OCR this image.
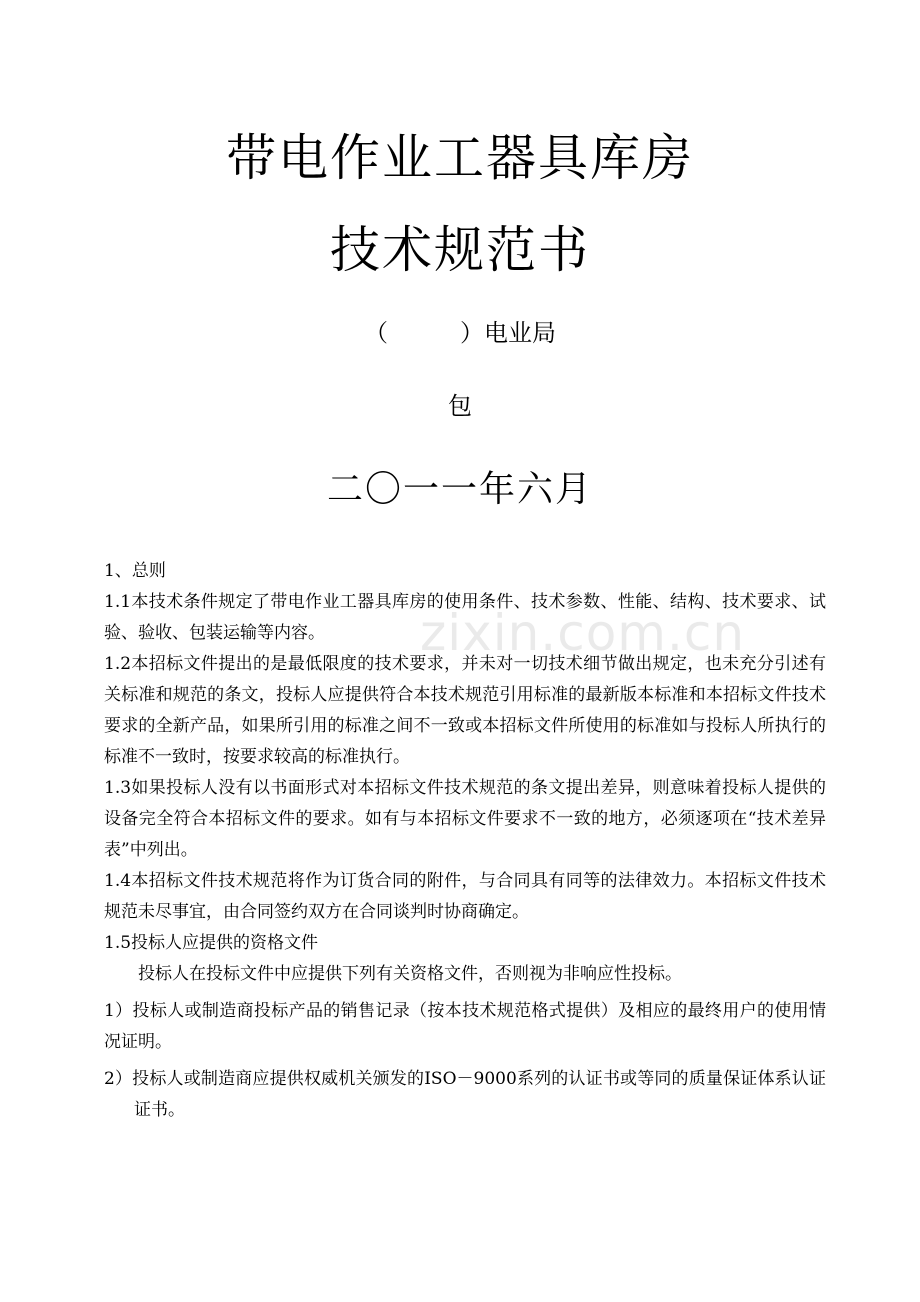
带电作业工器具库房
技术规范书
（　　　）电业局
包
二〇一一年六月
zixin.com.cn

1、总则

1.1本技术条件规定了带电作业工器具库房的使用条件、技术参数、性能、结构、技术要求、试验、验收、包装运输等内容。

1.2本招标文件提出的是最低限度的技术要求，并未对一切技术细节做出规定，也未充分引述有关标准和规范的条文，投标人应提供符合本技术规范引用标准的最新版本标准和本招标文件技术要求的全新产品，如果所引用的标准之间不一致或本招标文件所使用的标准如与投标人所执行的标准不一致时，按要求较高的标准执行。

1.3如果投标人没有以书面形式对本招标文件技术规范的条文提出差异，则意味着投标人提供的设备完全符合本招标文件的要求。如有与本招标文件要求不一致的地方，必须逐项在“技术差异表”中列出。

1.4本招标文件技术规范将作为订货合同的附件，与合同具有同等的法律效力。本招标文件技术规范未尽事宜，由合同签约双方在合同谈判时协商确定。

1.5投标人应提供的资格文件

投标人在投标文件中应提供下列有关资格文件，否则视为非响应性投标。

1）投标人或制造商投标产品的销售记录（按本技术规范格式提供）及相应的最终用户的使用情况证明。

2）投标人或制造商应提供权威机关颁发的ISO－9000系列的认证书或等同的质量保证体系认证证书。
